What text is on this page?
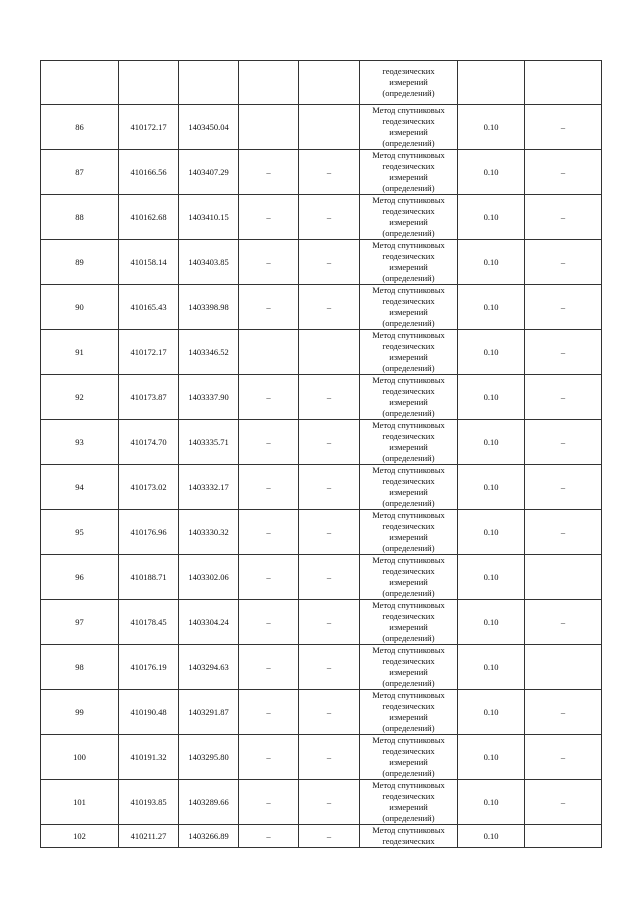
					геодезических
измерений
(определений)		

86	410172.17	1403450.04			Метод спутниковых
геодезических
измерений
(определений)	0.10	–
87	410166.56	1403407.29	–	–	Метод спутниковых
геодезических
измерений
(определений)	0.10	–
88	410162.68	1403410.15	–	–	Метод спутниковых
геодезических
измерений
(определений)	0.10	–
89	410158.14	1403403.85	–	–	Метод спутниковых
геодезических
измерений
(определений)	0.10	–
90	410165.43	1403398.98	–	–	Метод спутниковых
геодезических
измерений
(определений)	0.10	–
91	410172.17	1403346.52			Метод спутниковых
геодезических
измерений
(определений)	0.10	–
92	410173.87	1403337.90	–	–	Метод спутниковых
геодезических
измерений
(определений)	0.10	–
93	410174.70	1403335.71	–	–	Метод спутниковых
геодезических
измерений
(определений)	0.10	–
94	410173.02	1403332.17	–	–	Метод спутниковых
геодезических
измерений
(определений)	0.10	–
95	410176.96	1403330.32	–	–	Метод спутниковых
геодезических
измерений
(определений)	0.10	–
96	410188.71	1403302.06	–	–	Метод спутниковых
геодезических
измерений
(определений)	0.10	
97	410178.45	1403304.24	–	–	Метод спутниковых
геодезических
измерений
(определений)	0.10	–
98	410176.19	1403294.63	–	–	Метод спутниковых
геодезических
измерений
(определений)	0.10	
99	410190.48	1403291.87	–	–	Метод спутниковых
геодезических
измерений
(определений)	0.10	–
100	410191.32	1403295.80	–	–	Метод спутниковых
геодезических
измерений
(определений)	0.10	–
101	410193.85	1403289.66	–	–	Метод спутниковых
геодезических
измерений
(определений)	0.10	–
102	410211.27	1403266.89	–	–	Метод спутниковых
геодезических	0.10	
